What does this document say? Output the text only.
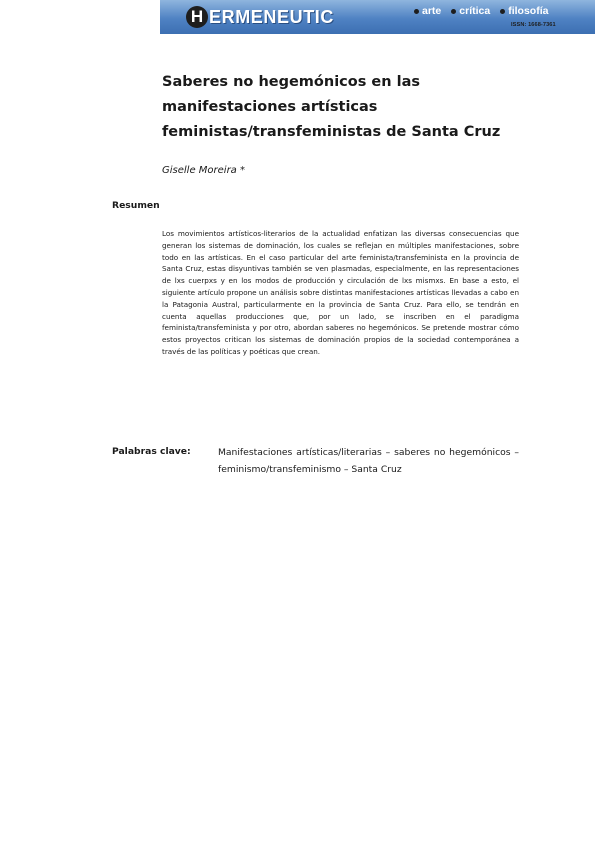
H ERMENEUTIC	arte crítica filosofía
ISSN: 1668-7361
Saberes no hegemónicos en las manifestaciones artísticas feministas/transfeministas de Santa Cruz
Giselle Moreira *
Resumen

Los movimientos artísticos-literarios de la actualidad enfatizan las diversas consecuencias que generan los sistemas de dominación, los cuales se reflejan en múltiples manifestaciones, sobre todo en las artísticas. En el caso particular del arte feminista/transfeminista en la provincia de Santa Cruz, estas disyuntivas también se ven plasmadas, especialmente, en las representaciones de lxs cuerpxs y en los modos de producción y circulación de lxs mismxs. En base a esto, el siguiente artículo propone un análisis sobre distintas manifestaciones artísticas llevadas a cabo en la Patagonia Austral, particularmente en la provincia de Santa Cruz. Para ello, se tendrán en cuenta aquellas producciones que, por un lado, se inscriben en el paradigma feminista/transfeminista y por otro, abordan saberes no hegemónicos. Se pretende mostrar cómo estos proyectos critican los sistemas de dominación propios de la sociedad contemporánea a través de las políticas y poéticas que crean.

Palabras clave:	Manifestaciones artísticas/literarias – saberes no hegemónicos – feminismo/transfeminismo – Santa Cruz
